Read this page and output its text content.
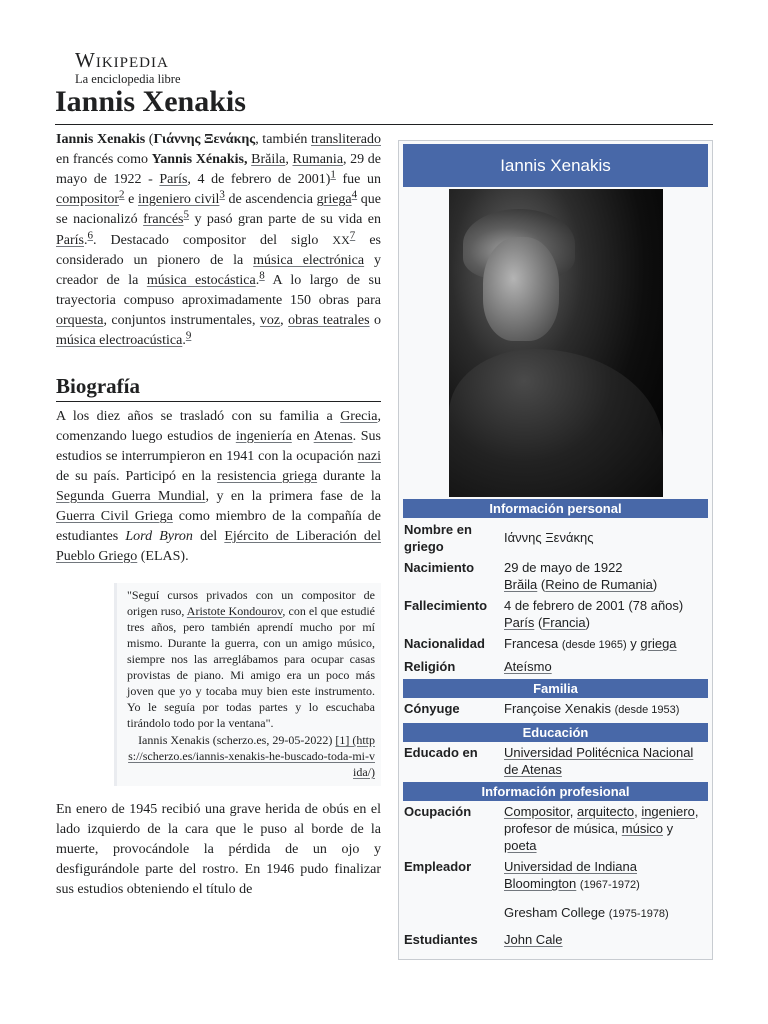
Wikipedia
La enciclopedia libre
Iannis Xenakis

Iannis Xenakis (Γιάννης Ξενάκης, también transliterado en francés como Yannis Xénakis, Brăila, Rumania, 29 de mayo de 1922 - París, 4 de febrero de 2001)$^1$ fue un compositor$^2$ e ingeniero civil$^3$ de ascendencia griega$^4$ que se nacionalizó francés$^5$ y pasó gran parte de su vida en París.$^6$. Destacado compositor del siglo $XX^7$ es considerado un pionero de la música electrónica y creador de la música estocástica.$^8$ A lo largo de su trayectoria compuso aproximadamente 150 obras para orquesta, conjuntos instrumentales, voz, obras teatrales o música electroacústica.$^9$

Biografía

A los diez años se trasladó con su familia a Grecia, comenzando luego estudios de ingeniería en Atenas. Sus estudios se interrumpieron en 1941 con la ocupación nazi de su país. Participó en la resistencia griega durante la Segunda Guerra Mundial, y en la primera fase de la Guerra Civil Griega como miembro de la compañía de estudiantes Lord Byron del Ejército de Liberación del Pueblo Griego (ELAS).

"Seguí cursos privados con un compositor de origen ruso, Aristote Kondourov, con el que estudié tres años, pero también aprendí mucho por mí mismo. Durante la guerra, con un amigo músico, siempre nos las arreglábamos para ocupar casas provistas de piano. Mi amigo era un poco más joven que yo y tocaba muy bien este instrumento. Yo le seguía por todas partes y lo escuchaba tirándolo todo por la ventana".
Iannis Xenakis (scherzo.es, 29-05-2022) [1] (https://scherzo.es/iannis-xenakis-he-buscado-toda-mi-vida/)

En enero de 1945 recibió una grave herida de obús en el lado izquierdo de la cara que le puso al borde de la muerte, provocándole la pérdida de un ojo y desfigurándole parte del rostro. En 1946 pudo finalizar sus estudios obteniendo el título de

Iannis Xenakis
Información personal
Nombre en griego
Ιάννης Ξενάκης
Nacimiento	29 de mayo de 1922
Brăila (Reino de Rumania)
Fallecimiento	4 de febrero de 2001 (78 años)
París (Francia)
Nacionalidad	Francesa (desde 1965) y griega
Religión	Ateísmo
Familia
Cónyuge	Françoise Xenakis (desde 1953)
Educación
Educado en	Universidad Politécnica Nacional de Atenas
Información profesional
Ocupación	Compositor, arquitecto, ingeniero, profesor de música, músico y poeta
Empleador	Universidad de Indiana Bloomington (1967-1972)
Gresham College (1975-1978)
Estudiantes	John Cale
